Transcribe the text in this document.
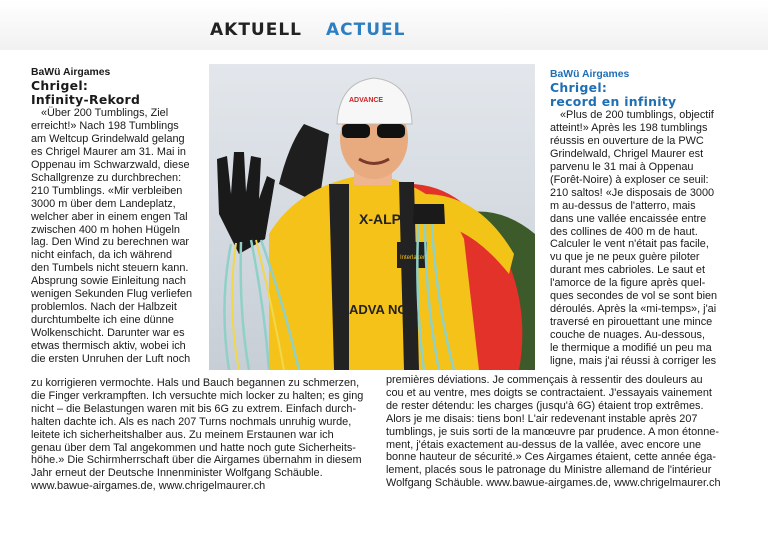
AKTUELL ACTUEL
BaWü Airgames
Chrigel:
Infinity-Rekord
«Über 200 Tumblings, Ziel
erreicht!» Nach 198 Tumblings
am Weltcup Grindelwald gelang
es Chrigel Maurer am 31. Mai in
Oppenau im Schwarzwald, diese
Schallgrenze zu durchbrechen:
210 Tumblings. «Mir verbleiben
3000 m über dem Landeplatz,
welcher aber in einem engen Tal
zwischen 400 m hohen Hügeln
lag. Den Wind zu berechnen war
nicht einfach, da ich während
den Tumbels nicht steuern kann.
Absprung sowie Einleitung nach
wenigen Sekunden Flug verliefen
problemlos. Nach der Halbzeit
durchtumbelte ich eine dünne
Wolkenschicht. Darunter war es
etwas thermisch aktiv, wobei ich
die ersten Unruhen der Luft noch
X-ALPS
ADVA NC
Interlaken
ADVANCE
BaWü Airgames
Chrigel:
record en infinity
«Plus de 200 tumblings, objectif
atteint!» Après les 198 tumblings
réussis en ouverture de la PWC
Grindelwald, Chrigel Maurer est
parvenu le 31 mai à Oppenau
(Forêt-Noire) à exploser ce seuil:
210 saltos! «Je disposais de 3000
m au-dessus de l'atterro, mais
dans une vallée encaissée entre
des collines de 400 m de haut.
Calculer le vent n'était pas facile,
vu que je ne peux guère piloter
durant mes cabrioles. Le saut et
l'amorce de la figure après quel-
ques secondes de vol se sont bien
déroulés. Après la «mi-temps», j'ai
traversé en pirouettant une mince
couche de nuages. Au-dessous,
le thermique a modifié un peu ma
ligne, mais j'ai réussi à corriger les
zu korrigieren vermochte. Hals und Bauch begannen zu schmerzen,
die Finger verkrampften. Ich versuchte mich locker zu halten; es ging
nicht – die Belastungen waren mit bis 6G zu extrem. Einfach durch-
halten dachte ich. Als es nach 207 Turns nochmals unruhig wurde,
leitete ich sicherheitshalber aus. Zu meinem Erstaunen war ich
genau über dem Tal angekommen und hatte noch gute Sicherheits-
höhe.» Die Schirmherrschaft über die Airgames übernahm in diesem
Jahr erneut der Deutsche Innenminister Wolfgang Schäuble.
www.bawue-airgames.de, www.chrigelmaurer.ch
premières déviations. Je commençais à ressentir des douleurs au
cou et au ventre, mes doigts se contractaient. J'essayais vainement
de rester détendu: les charges (jusqu'à 6G) étaient trop extrêmes.
Alors je me disais: tiens bon! L'air redevenant instable après 207
tumblings, je suis sorti de la manœuvre par prudence. A mon étonne-
ment, j'étais exactement au-dessus de la vallée, avec encore une
bonne hauteur de sécurité.» Ces Airgames étaient, cette année éga-
lement, placés sous le patronage du Ministre allemand de l'intérieur
Wolfgang Schäuble. www.bawue-airgames.de, www.chrigelmaurer.ch
